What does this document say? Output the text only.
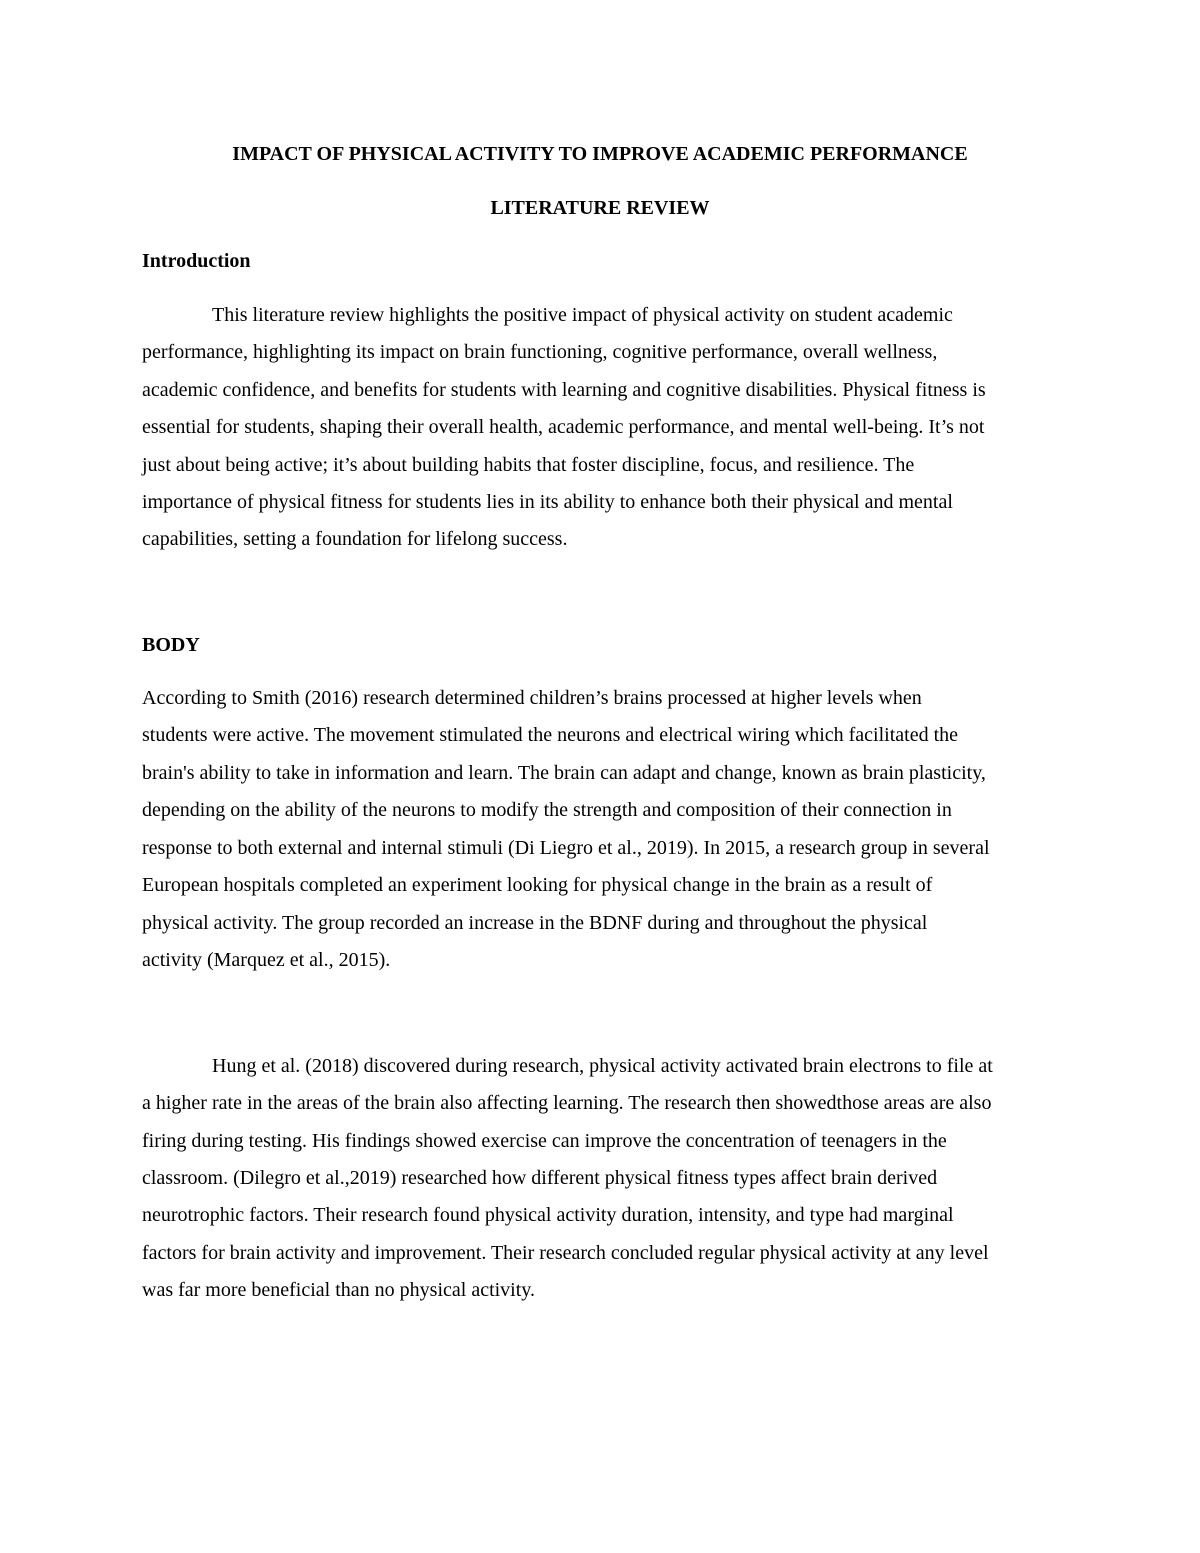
IMPACT OF PHYSICAL ACTIVITY TO IMPROVE ACADEMIC PERFORMANCE
LITERATURE REVIEW
Introduction
This literature review highlights the positive impact of physical activity on student academic
performance, highlighting its impact on brain functioning, cognitive performance, overall wellness,
academic confidence, and benefits for students with learning and cognitive disabilities. Physical fitness is
essential for students, shaping their overall health, academic performance, and mental well-being. It’s not
just about being active; it’s about building habits that foster discipline, focus, and resilience. The
importance of physical fitness for students lies in its ability to enhance both their physical and mental
capabilities, setting a foundation for lifelong success.
BODY
According to Smith (2016) research determined children’s brains processed at higher levels when
students were active. The movement stimulated the neurons and electrical wiring which facilitated the
brain's ability to take in information and learn. The brain can adapt and change, known as brain plasticity,
depending on the ability of the neurons to modify the strength and composition of their connection in
response to both external and internal stimuli (Di Liegro et al., 2019). In 2015, a research group in several
European hospitals completed an experiment looking for physical change in the brain as a result of
physical activity. The group recorded an increase in the BDNF during and throughout the physical
activity (Marquez et al., 2015).
Hung et al. (2018) discovered during research, physical activity activated brain electrons to file at
a higher rate in the areas of the brain also affecting learning. The research then showedthose areas are also
firing during testing. His findings showed exercise can improve the concentration of teenagers in the
classroom. (Dilegro et al.,2019) researched how different physical fitness types affect brain derived
neurotrophic factors. Their research found physical activity duration, intensity, and type had marginal
factors for brain activity and improvement. Their research concluded regular physical activity at any level
was far more beneficial than no physical activity.
